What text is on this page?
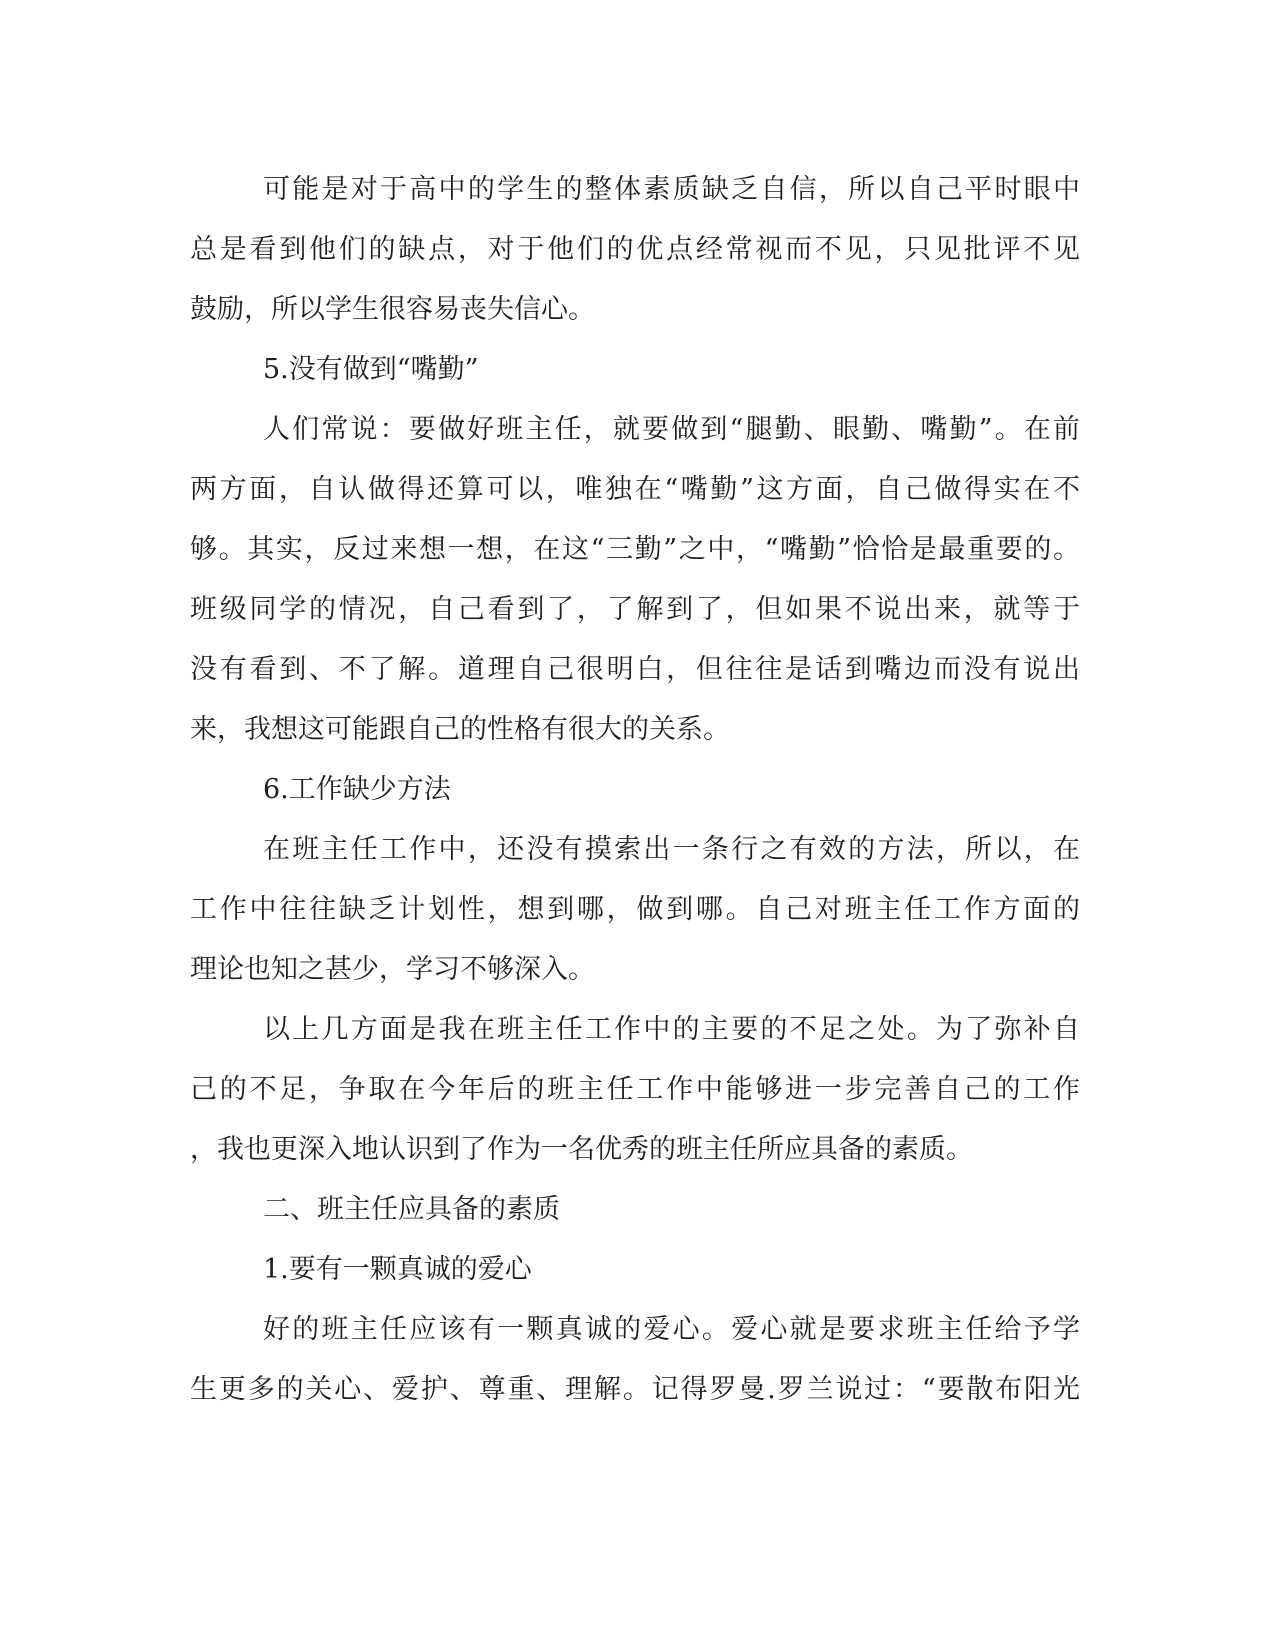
可能是对于高中的学生的整体素质缺乏自信，所以自己平时眼中
总是看到他们的缺点，对于他们的优点经常视而不见，只见批评不见
鼓励，所以学生很容易丧失信心。
5.没有做到“嘴勤”
人们常说：要做好班主任，就要做到“腿勤、眼勤、嘴勤”。在前
两方面，自认做得还算可以，唯独在“嘴勤”这方面，自己做得实在不
够。其实，反过来想一想，在这“三勤”之中，“嘴勤”恰恰是最重要的。
班级同学的情况，自己看到了，了解到了，但如果不说出来，就等于
没有看到、不了解。道理自己很明白，但往往是话到嘴边而没有说出
来，我想这可能跟自己的性格有很大的关系。
6.工作缺少方法
在班主任工作中，还没有摸索出一条行之有效的方法，所以，在
工作中往往缺乏计划性，想到哪，做到哪。自己对班主任工作方面的
理论也知之甚少，学习不够深入。
以上几方面是我在班主任工作中的主要的不足之处。为了弥补自
己的不足，争取在今年后的班主任工作中能够进一步完善自己的工作
，我也更深入地认识到了作为一名优秀的班主任所应具备的素质。
二、班主任应具备的素质
1.要有一颗真诚的爱心
好的班主任应该有一颗真诚的爱心。爱心就是要求班主任给予学
生更多的关心、爱护、尊重、理解。记得罗曼.罗兰说过：“要散布阳光
